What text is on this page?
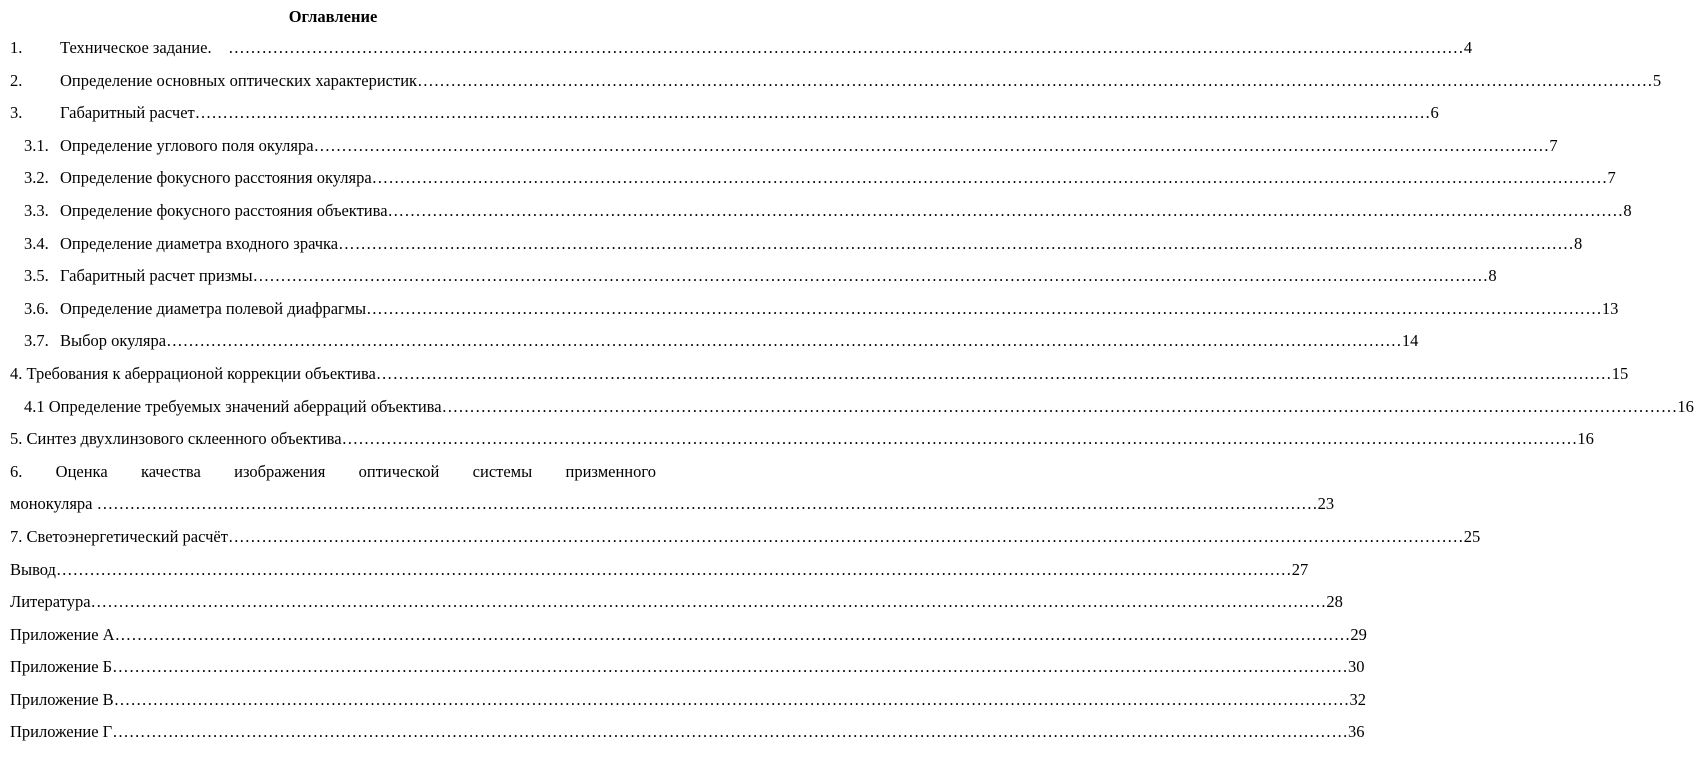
Оглавление
1. Техническое задание.	…………………………………………………………………………………………………………………………………………………………………………………………………… 4
2. Определение основных оптических характеристик …………………………………………………………………………………………………………………………………………………………………………………………………… 5
3. Габаритный расчет …………………………………………………………………………………………………………………………………………………………………………………………………… 6
3.1. Определение углового поля окуляра …………………………………………………………………………………………………………………………………………………………………………………………………… 7
3.2. Определение фокусного расстояния окуляра …………………………………………………………………………………………………………………………………………………………………………………………………… 7
3.3. Определение фокусного расстояния объектива …………………………………………………………………………………………………………………………………………………………………………………………………… 8
3.4. Определение диаметра входного зрачка …………………………………………………………………………………………………………………………………………………………………………………………………… 8
3.5. Габаритный расчет призмы …………………………………………………………………………………………………………………………………………………………………………………………………… 8
3.6. Определение диаметра полевой диафрагмы …………………………………………………………………………………………………………………………………………………………………………………………………… 13
3.7. Выбор окуляра …………………………………………………………………………………………………………………………………………………………………………………………………… 14
4. Требования к аберрационой коррекции объектива …………………………………………………………………………………………………………………………………………………………………………………………………… 15
4.1 Определение требуемых значений аберраций объектива …………………………………………………………………………………………………………………………………………………………………………………………………… 16
5. Синтез двухлинзового склеенного объектива …………………………………………………………………………………………………………………………………………………………………………………………………… 16
6. Оценка качества изображения оптической системы призменного
монокуляра
…………………………………………………………………………………………………………………………………………………………………………………………………… 23
7. Светоэнергетический расчёт …………………………………………………………………………………………………………………………………………………………………………………………………… 25
Вывод …………………………………………………………………………………………………………………………………………………………………………………………………… 27
Литература …………………………………………………………………………………………………………………………………………………………………………………………………… 28
Приложение А …………………………………………………………………………………………………………………………………………………………………………………………………… 29
Приложение Б …………………………………………………………………………………………………………………………………………………………………………………………………… 30
Приложение В …………………………………………………………………………………………………………………………………………………………………………………………………… 32
Приложение Г …………………………………………………………………………………………………………………………………………………………………………………………………… 36
